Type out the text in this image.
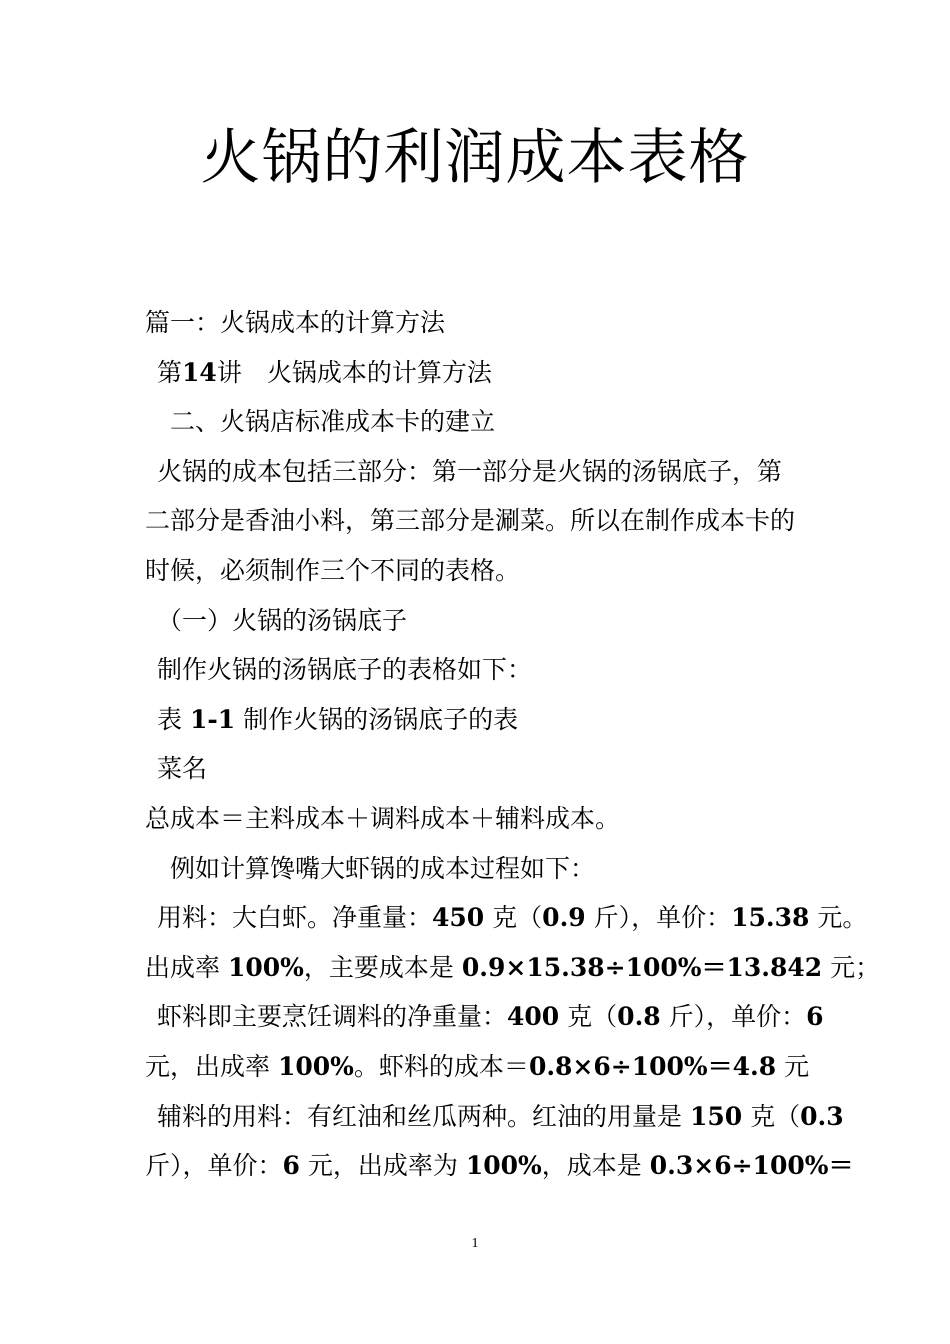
火锅的利润成本表格
篇一：火锅成本的计算方法
第14讲　火锅成本的计算方法
二、火锅店标准成本卡的建立
火锅的成本包括三部分：第一部分是火锅的汤锅底子，第
二部分是香油小料，第三部分是涮菜。所以在制作成本卡的
时候，必须制作三个不同的表格。
（一）火锅的汤锅底子
制作火锅的汤锅底子的表格如下：
表 1-1 制作火锅的汤锅底子的表
菜名
总成本＝主料成本＋调料成本＋辅料成本。
例如计算馋嘴大虾锅的成本过程如下：
用料：大白虾。净重量：450 克（0.9 斤），单价：15.38 元。
出成率 100%，主要成本是 0.9×15.38÷100%＝13.842 元；
虾料即主要烹饪调料的净重量：400 克（0.8 斤），单价：6
元，出成率 100%。虾料的成本＝0.8×6÷100%＝4.8 元
辅料的用料：有红油和丝瓜两种。红油的用量是 150 克（0.3
斤），单价：6 元，出成率为 100%，成本是 0.3×6÷100%＝
1
